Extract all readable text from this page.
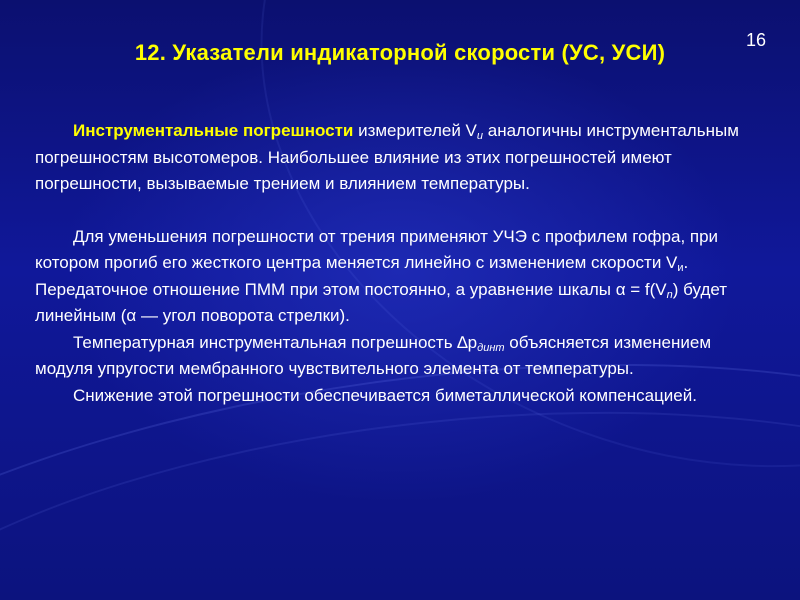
16
12. Указатели индикаторной скорости (УС, УСИ)

Инструментальные погрешности измерителей $V_и$ аналогичны инструментальным погрешностям высотомеров. Наибольшее влияние из этих погрешностей имеют погрешности, вызываемые трением и влиянием температуры.

Для уменьшения погрешности от трения применяют УЧЭ с профилем гофра, при котором прогиб его жесткого центра меняется линейно с изменением скорости $V_и$. Передаточное отношение ПММ при этом постоянно, а уравнение шкалы $\alpha = f(V_n)$ будет линейным (α — угол поворота стрелки).

Температурная инструментальная погрешность $\Delta p_{динт}$ объясняется изменением модуля упругости мембранного чувствительного элемента от температуры.

Снижение этой погрешности обеспечивается биметаллической компенсацией.
